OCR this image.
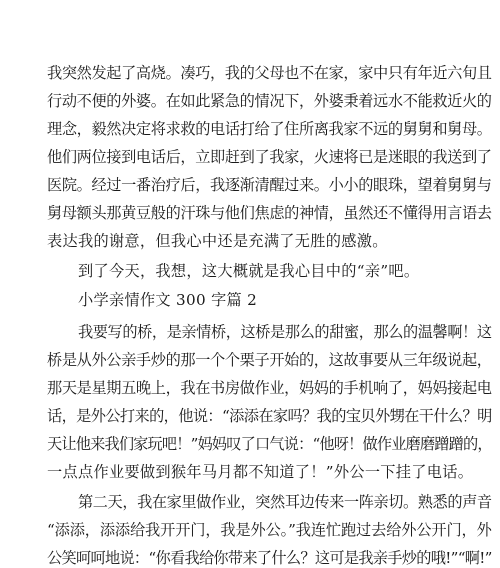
我突然发起了高烧。凑巧，我的父母也不在家，家中只有年近六旬且
行动不便的外婆。在如此紧急的情况下，外婆秉着远水不能救近火的
理念，毅然决定将求救的电话打给了住所离我家不远的舅舅和舅母。
他们两位接到电话后，立即赶到了我家，火速将已是迷眼的我送到了
医院。经过一番治疗后，我逐渐清醒过来。小小的眼珠，望着舅舅与
舅母额头那黄豆般的汗珠与他们焦虑的神情，虽然还不懂得用言语去
表达我的谢意，但我心中还是充满了无胜的感激。
到了今天，我想，这大概就是我心目中的“亲”吧。
小学亲情作文 300 字篇 2
我要写的桥，是亲情桥，这桥是那么的甜蜜，那么的温馨啊！这
桥是从外公亲手炒的那一个个栗子开始的，这故事要从三年级说起，
那天是星期五晚上，我在书房做作业，妈妈的手机响了，妈妈接起电
话，是外公打来的，他说：“添添在家吗？我的宝贝外甥在干什么？明
天让他来我们家玩吧！”妈妈叹了口气说：“他呀！做作业磨磨蹭蹭的，
一点点作业要做到猴年马月都不知道了！”外公一下挂了电话。
第二天，我在家里做作业，突然耳边传来一阵亲切。熟悉的声音
“添添，添添给我开开门，我是外公。”我连忙跑过去给外公开门，外
公笑呵呵地说：“你看我给你带来了什么？这可是我亲手炒的哦!”“啊!”
